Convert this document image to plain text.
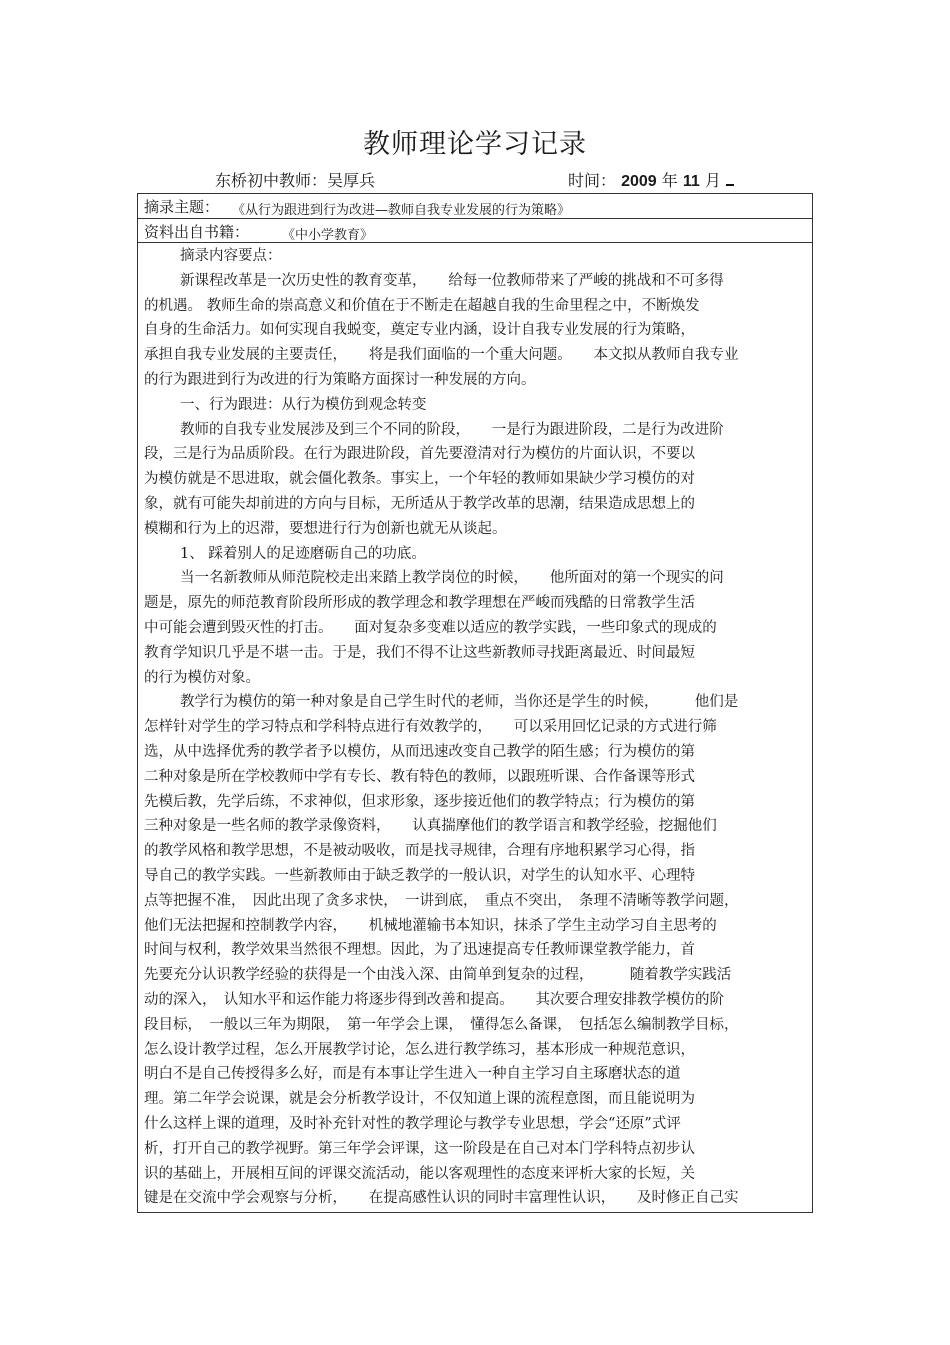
教师理论学习记录
东桥初中教师：吴厚兵	时间： 2009 年 11 月
摘录主题： 《从行为跟进到行为改进—教师自我专业发展的行为策略》
资料出自书籍：	《中小学教育》
摘录内容要点：
新课程改革是一次历史性的教育变革，　　给每一位教师带来了严峻的挑战和不可多得
的机遇。 教师生命的崇高意义和价值在于不断走在超越自我的生命里程之中，不断焕发
自身的生命活力。如何实现自我蜕变，奠定专业内涵，设计自我专业发展的行为策略，
承担自我专业发展的主要责任，　　将是我们面临的一个重大问题。　　本文拟从教师自我专业
的行为跟进到行为改进的行为策略方面探讨一种发展的方向。
一、行为跟进：从行为模仿到观念转变
教师的自我专业发展涉及到三个不同的阶段，　　一是行为跟进阶段，二是行为改进阶
段，三是行为品质阶段。在行为跟进阶段，首先要澄清对行为模仿的片面认识，不要以
为模仿就是不思进取，就会僵化教条。事实上，一个年轻的教师如果缺少学习模仿的对
象，就有可能失却前进的方向与目标，无所适从于教学改革的思潮，结果造成思想上的
模糊和行为上的迟滞，要想进行行为创新也就无从谈起。
1、 踩着别人的足迹磨砺自己的功底。
当一名新教师从师范院校走出来踏上教学岗位的时候，　　他所面对的第一个现实的问
题是，原先的师范教育阶段所形成的教学理念和教学理想在严峻而残酷的日常教学生活
中可能会遭到毁灭性的打击。　　面对复杂多变难以适应的教学实践，一些印象式的现成的
教育学知识几乎是不堪一击。于是，我们不得不让这些新教师寻找距离最近、时间最短
的行为模仿对象。
教学行为模仿的第一种对象是自己学生时代的老师，当你还是学生的时候，　　　他们是
怎样针对学生的学习特点和学科特点进行有效教学的，　　可以采用回忆记录的方式进行筛
选，从中选择优秀的教学者予以模仿，从而迅速改变自己教学的陌生感；行为模仿的第
二种对象是所在学校教师中学有专长、教有特色的教师，以跟班听课、合作备课等形式
先模后教，先学后练，不求神似，但求形象，逐步接近他们的教学特点；行为模仿的第
三种对象是一些名师的教学录像资料，　　认真揣摩他们的教学语言和教学经验，挖掘他们
的教学风格和教学思想，不是被动吸收，而是找寻规律，合理有序地积累学习心得，指
导自己的教学实践。一些新教师由于缺乏教学的一般认识，对学生的认知水平、心理特
点等把握不准，　因此出现了贪多求快，　一讲到底，　重点不突出，　条理不清晰等教学问题，
他们无法把握和控制教学内容，　　机械地灌输书本知识，抹杀了学生主动学习自主思考的
时间与权利，教学效果当然很不理想。因此，为了迅速提高专任教师课堂教学能力，首
先要充分认识教学经验的获得是一个由浅入深、由简单到复杂的过程，　　　随着教学实践活
动的深入，　认知水平和运作能力将逐步得到改善和提高。　　其次要合理安排教学模仿的阶
段目标，　一般以三年为期限，　第一年学会上课，　懂得怎么备课，　包括怎么编制教学目标，
怎么设计教学过程，怎么开展教学讨论，怎么进行教学练习，基本形成一种规范意识，
明白不是自己传授得多么好，而是有本事让学生进入一种自主学习自主琢磨状态的道
理。第二年学会说课，就是会分析教学设计，不仅知道上课的流程意图，而且能说明为
什么这样上课的道理，及时补充针对性的教学理论与教学专业思想，学会“还原”式评
析，打开自己的教学视野。第三年学会评课，这一阶段是在自己对本门学科特点初步认
识的基础上，开展相互间的评课交流活动，能以客观理性的态度来评析大家的长短，关
键是在交流中学会观察与分析，　　在提高感性认识的同时丰富理性认识，　　及时修正自己实
